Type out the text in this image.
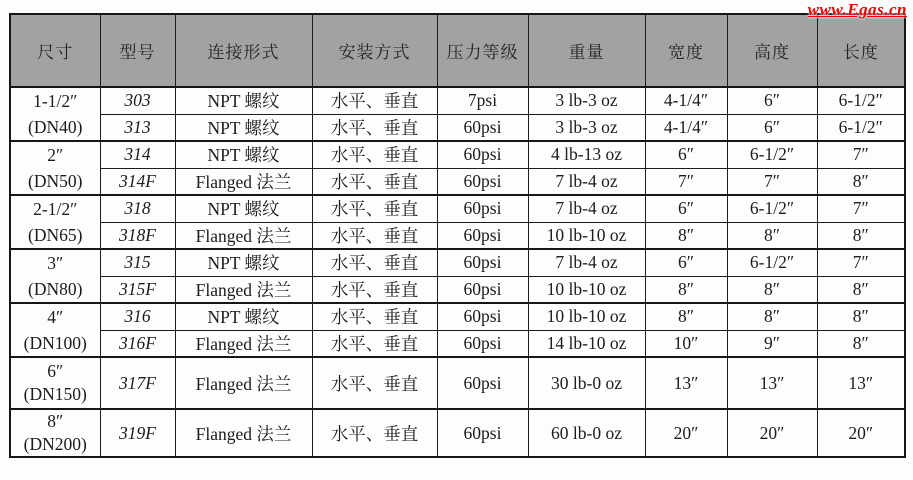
www.Egas.cn
尺寸	型号	连接形式	安装方式	压力等级	重量	宽度	高度	长度

1-1/2″
(DN40)	303	NPT 螺纹	水平、垂直	7psi	3 lb-3 oz	4-1/4″	6″	6-1/2″
	313	NPT 螺纹	水平、垂直	60psi	3 lb-3 oz	4-1/4″	6″	6-1/2″

2″
(DN50)	314	NPT 螺纹	水平、垂直	60psi	4 lb-13 oz	6″	6-1/2″	7″
	314F	Flanged 法兰	水平、垂直	60psi	7 lb-4 oz	7″	7″	8″

2-1/2″
(DN65)	318	NPT 螺纹	水平、垂直	60psi	7 lb-4 oz	6″	6-1/2″	7″
	318F	Flanged 法兰	水平、垂直	60psi	10 lb-10 oz	8″	8″	8″

3″
(DN80)	315	NPT 螺纹	水平、垂直	60psi	7 lb-4 oz	6″	6-1/2″	7″
	315F	Flanged 法兰	水平、垂直	60psi	10 lb-10 oz	8″	8″	8″

4″
(DN100)	316	NPT 螺纹	水平、垂直	60psi	10 lb-10 oz	8″	8″	8″
	316F	Flanged 法兰	水平、垂直	60psi	14 lb-10 oz	10″	9″	8″

6″
(DN150)	317F	Flanged 法兰	水平、垂直	60psi	30 lb-0 oz	13″	13″	13″

8″
(DN200)	319F	Flanged 法兰	水平、垂直	60psi	60 lb-0 oz	20″	20″	20″
